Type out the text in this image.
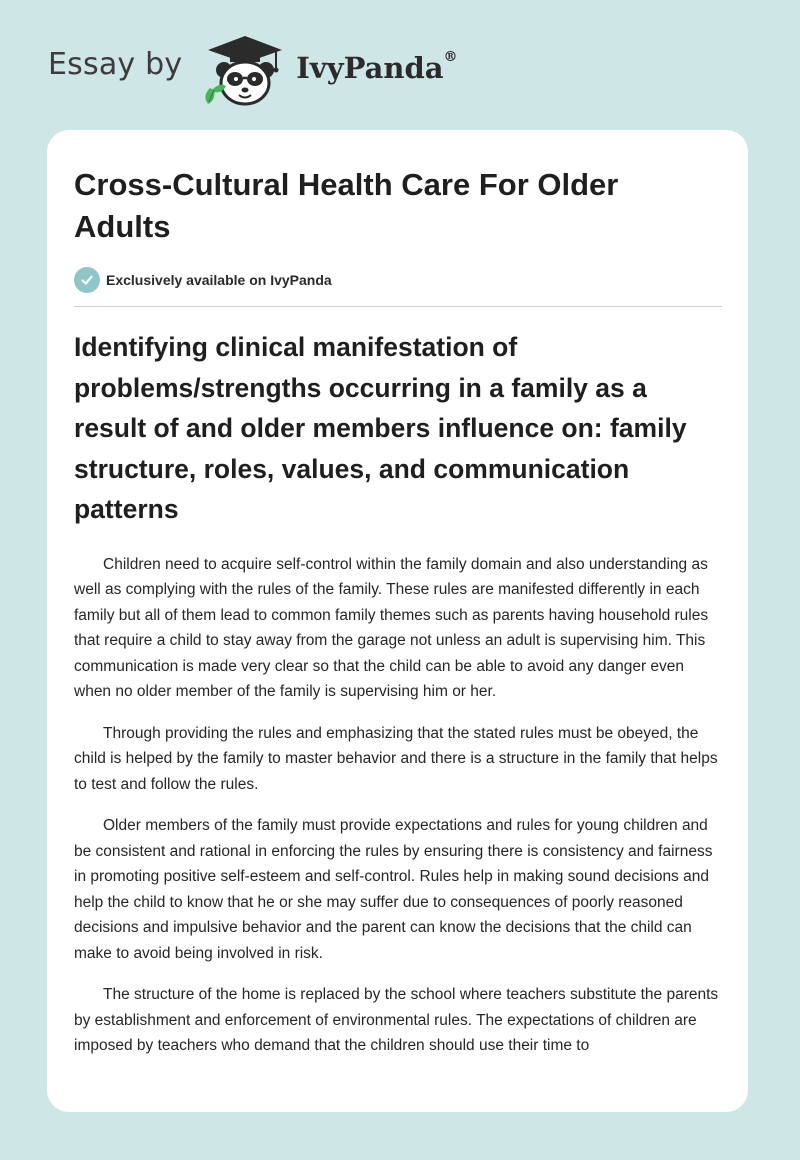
Essay by	IvyPanda®
Cross-Cultural Health Care For Older Adults
Exclusively available on IvyPanda
Identifying clinical manifestation of problems/strengths occurring in a family as a result of and older members influence on: family structure, roles, values, and communication patterns

Children need to acquire self-control within the family domain and also understanding as well as complying with the rules of the family. These rules are manifested differently in each family but all of them lead to common family themes such as parents having household rules that require a child to stay away from the garage not unless an adult is supervising him. This communication is made very clear so that the child can be able to avoid any danger even when no older member of the family is supervising him or her.

Through providing the rules and emphasizing that the stated rules must be obeyed, the child is helped by the family to master behavior and there is a structure in the family that helps to test and follow the rules.

Older members of the family must provide expectations and rules for young children and be consistent and rational in enforcing the rules by ensuring there is consistency and fairness in promoting positive self-esteem and self-control. Rules help in making sound decisions and help the child to know that he or she may suffer due to consequences of poorly reasoned decisions and impulsive behavior and the parent can know the decisions that the child can make to avoid being involved in risk.

The structure of the home is replaced by the school where teachers substitute the parents by establishment and enforcement of environmental rules. The expectations of children are imposed by teachers who demand that the children should use their time to
